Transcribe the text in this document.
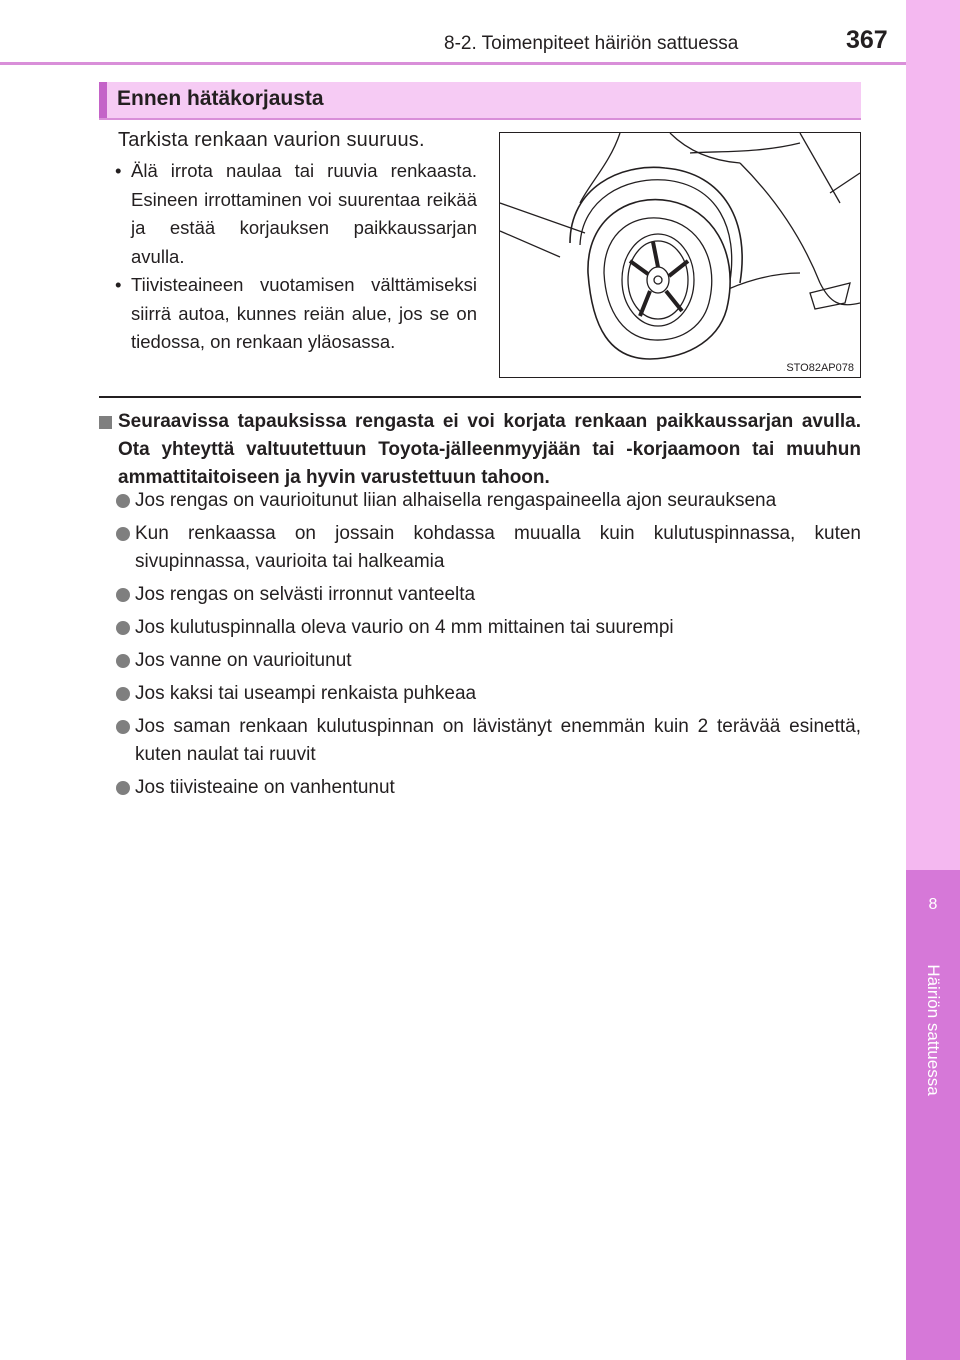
8-2. Toimenpiteet häiriön sattuessa	367
8
Häiriön sattuessa
Ennen hätäkorjausta
Tarkista renkaan vaurion suuruus.
• Älä irrota naulaa tai ruuvia renkaasta. Esineen irrottaminen voi suurentaa reikää ja estää korjauksen paikkaussarjan avulla.
• Tiivisteaineen vuotamisen välttämiseksi siirrä autoa, kunnes reiän alue, jos se on tiedossa, on renkaan yläosassa.
STO82AP078
Seuraavissa tapauksissa rengasta ei voi korjata renkaan paikkaussarjan avulla. Ota yhteyttä valtuutettuun Toyota-jälleenmyyjään tai -korjaamoon tai muuhun ammattitaitoiseen ja hyvin varustettuun tahoon.
Jos rengas on vaurioitunut liian alhaisella rengaspaineella ajon seurauksena
Kun renkaassa on jossain kohdassa muualla kuin kulutuspinnassa, kuten sivupinnassa, vaurioita tai halkeamia
Jos rengas on selvästi irronnut vanteelta
Jos kulutuspinnalla oleva vaurio on 4 mm mittainen tai suurempi
Jos vanne on vaurioitunut
Jos kaksi tai useampi renkaista puhkeaa
Jos saman renkaan kulutuspinnan on lävistänyt enemmän kuin 2 terävää esinettä, kuten naulat tai ruuvit
Jos tiivisteaine on vanhentunut
